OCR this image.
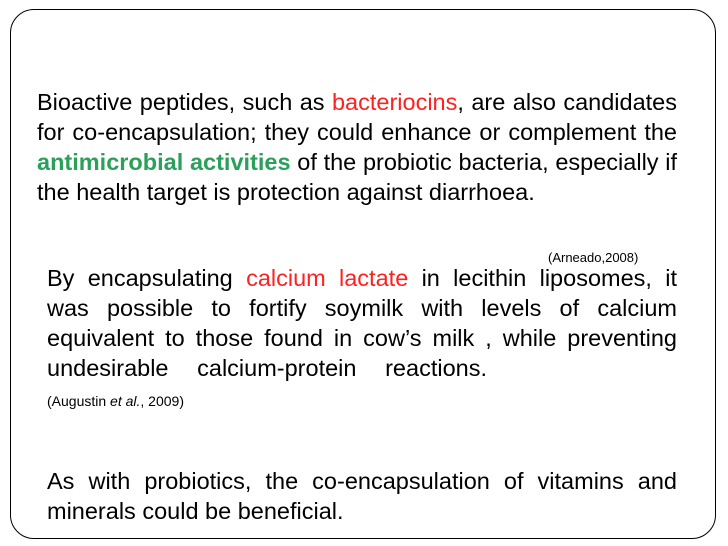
Bioactive peptides, such as bacteriocins, are also candidates for co-encapsulation; they could enhance or complement the antimicrobial activities of the probiotic bacteria, especially if the health target is protection against diarrhoea.
(Arneado,2008)
By encapsulating calcium lactate in lecithin liposomes, it was possible to fortify soymilk with levels of calcium equivalent to those found in cow’s milk , while preventing undesirable calcium-protein reactions.(Augustin et al., 2009)
As with probiotics, the co-encapsulation of vitamins and minerals could be beneficial.
